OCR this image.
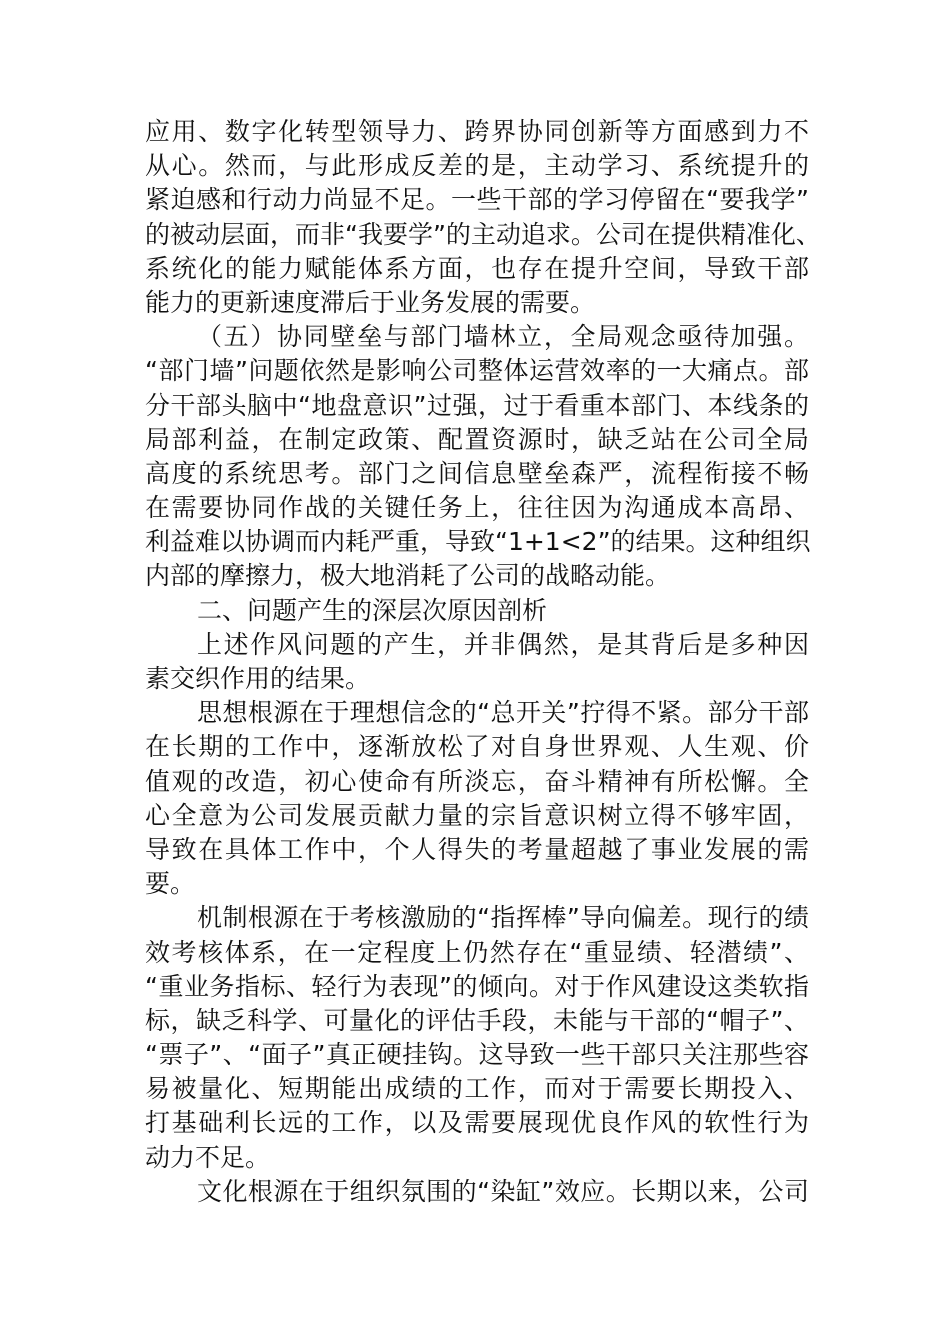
应用、数字化转型领导力、跨界协同创新等方面感到力不
从心。然而，与此形成反差的是，主动学习、系统提升的
紧迫感和行动力尚显不足。一些干部的学习停留在“要我学”
的被动层面，而非“我要学”的主动追求。公司在提供精准化、
系统化的能力赋能体系方面，也存在提升空间，导致干部
能力的更新速度滞后于业务发展的需要。

（五）协同壁垒与部门墙林立，全局观念亟待加强。
“部门墙”问题依然是影响公司整体运营效率的一大痛点。部
分干部头脑中“地盘意识”过强，过于看重本部门、本线条的
局部利益，在制定政策、配置资源时，缺乏站在公司全局
高度的系统思考。部门之间信息壁垒森严，流程衔接不畅
在需要协同作战的关键任务上，往往因为沟通成本高昂、
利益难以协调而内耗严重，导致“1+1<2”的结果。这种组织
内部的摩擦力，极大地消耗了公司的战略动能。

二、问题产生的深层次原因剖析

上述作风问题的产生，并非偶然，是其背后是多种因
素交织作用的结果。

思想根源在于理想信念的“总开关”拧得不紧。部分干部
在长期的工作中，逐渐放松了对自身世界观、人生观、价
值观的改造，初心使命有所淡忘，奋斗精神有所松懈。全
心全意为公司发展贡献力量的宗旨意识树立得不够牢固，
导致在具体工作中，个人得失的考量超越了事业发展的需
要。

机制根源在于考核激励的“指挥棒”导向偏差。现行的绩
效考核体系，在一定程度上仍然存在“重显绩、轻潜绩”、
“重业务指标、轻行为表现”的倾向。对于作风建设这类软指
标，缺乏科学、可量化的评估手段，未能与干部的“帽子”、
“票子”、“面子”真正硬挂钩。这导致一些干部只关注那些容
易被量化、短期能出成绩的工作，而对于需要长期投入、
打基础利长远的工作，以及需要展现优良作风的软性行为
动力不足。

文化根源在于组织氛围的“染缸”效应。长期以来，公司
